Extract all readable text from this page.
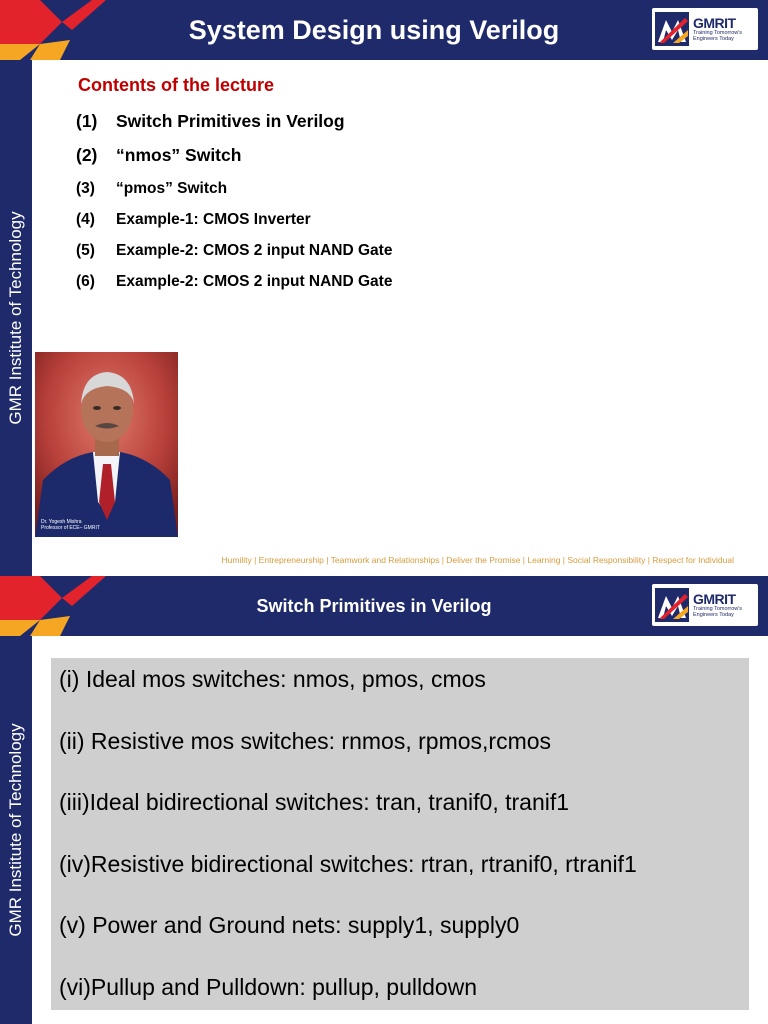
System Design using Verilog
GMR Institute of Technology
GMRIT
Training Tomorrow's
Engineers Today
Contents of the lecture
(1)	Switch Primitives in Verilog
(2)	“nmos” Switch
(3)	“pmos” Switch
(4)	Example-1: CMOS Inverter
(5)	Example-2: CMOS 2 input NAND Gate
(6)	Example-2: CMOS 2 input NAND Gate
Dr. Yogesh Mishra
Professor of ECE– GMRIT
Humility | Entrepreneurship | Teamwork and Relationships | Deliver the Promise | Learning | Social Responsibility | Respect for Individual
Switch Primitives in Verilog
GMR Institute of Technology
GMRIT
Training Tomorrow's
Engineers Today
(i) Ideal mos switches: nmos, pmos, cmos
(ii) Resistive mos switches: rnmos, rpmos,rcmos
(iii)Ideal bidirectional switches: tran, tranif0, tranif1
(iv)Resistive bidirectional switches: rtran, rtranif0, rtranif1
(v) Power and Ground nets: supply1, supply0
(vi)Pullup and Pulldown: pullup, pulldown
